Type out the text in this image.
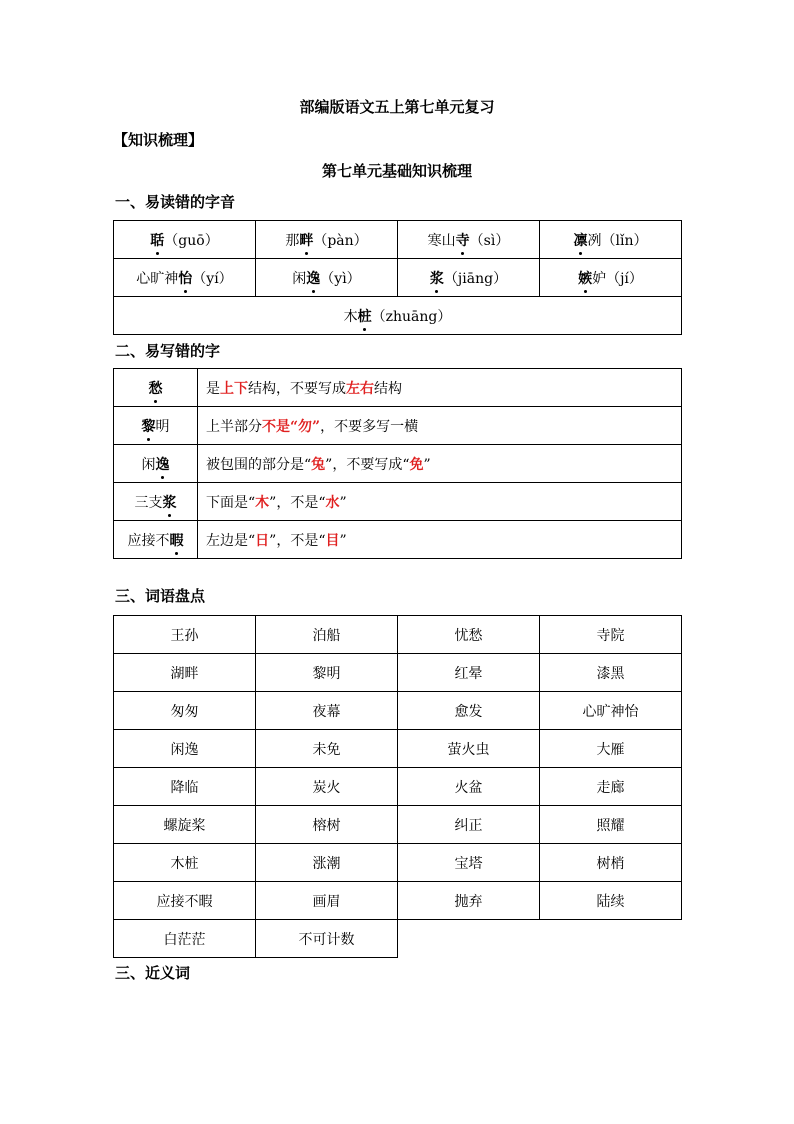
部编版语文五上第七单元复习
【知识梳理】
第七单元基础知识梳理
一、易读错的字音
聒（guō）	那畔（pàn）	寒山寺（sì）	凛冽（lǐn）
心旷神怡（yí）	闲逸（yì）	浆（jiāng）	嫉妒（jí）
木桩（zhuāng）			
二、易写错的字
愁	是上下结构，不要写成左右结构
黎明	上半部分不是“勿”，不要多写一横
闲逸	被包围的部分是“兔”，不要写成“免”
三支浆	下面是“木”，不是“水”
应接不暇	左边是“日”，不是“目”
三、词语盘点
王孙	泊船	忧愁	寺院
湖畔	黎明	红晕	漆黑
匆匆	夜幕	愈发	心旷神怡
闲逸	未免	萤火虫	大雁
降临	炭火	火盆	走廊
螺旋桨	榕树	纠正	照耀
木桩	涨潮	宝塔	树梢
应接不暇	画眉	抛弃	陆续
白茫茫	不可计数		
三、近义词
